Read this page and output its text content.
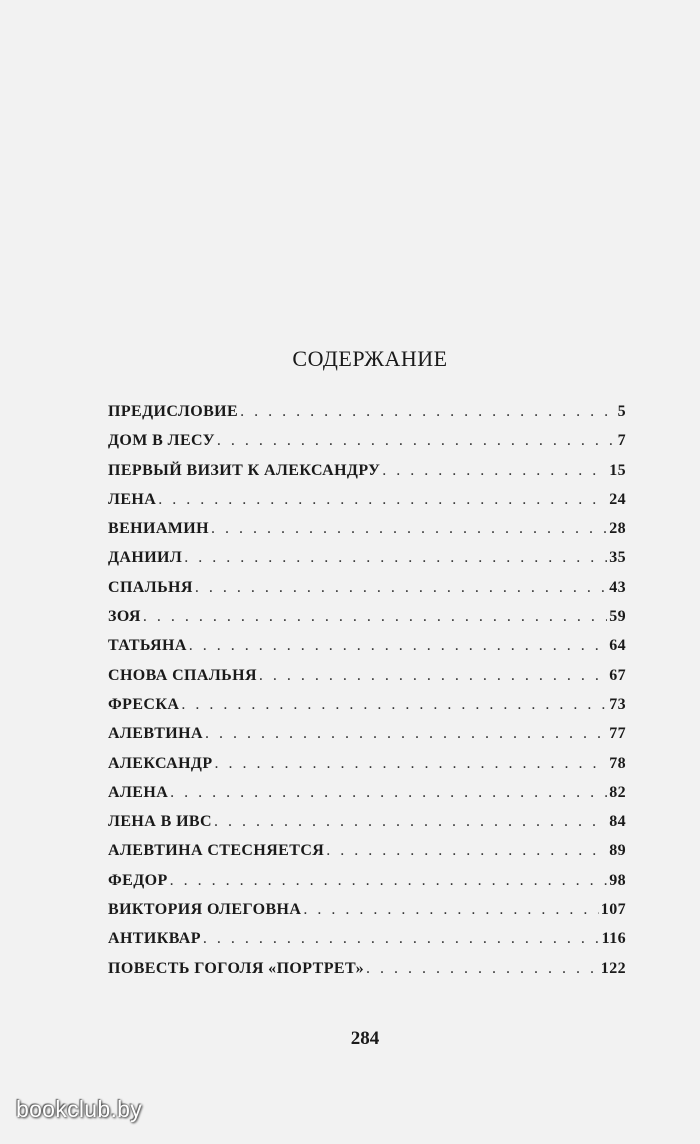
СОДЕРЖАНИЕ
ПРЕДИСЛОВИЕ . . .	5
ДОМ В ЛЕСУ . . .	7
ПЕРВЫЙ ВИЗИТ К АЛЕКСАНДРУ . . .	15
ЛЕНА . . .	24
ВЕНИАМИН . . .	28
ДАНИИЛ . . .	35
СПАЛЬНЯ . . .	43
ЗОЯ . . .	59
ТАТЬЯНА . . .	64
СНОВА СПАЛЬНЯ . . .	67
ФРЕСКА . . .	73
АЛЕВТИНА . . .	77
АЛЕКСАНДР . . .	78
АЛЕНА . . .	82
ЛЕНА В ИВС . . .	84
АЛЕВТИНА СТЕСНЯЕТСЯ . . .	89
ФЕДОР . . .	98
ВИКТОРИЯ ОЛЕГОВНА . . .	107
АНТИКВАР . . .	116
ПОВЕСТЬ ГОГОЛЯ «ПОРТРЕТ» . . .	122
284
bookclub.by
